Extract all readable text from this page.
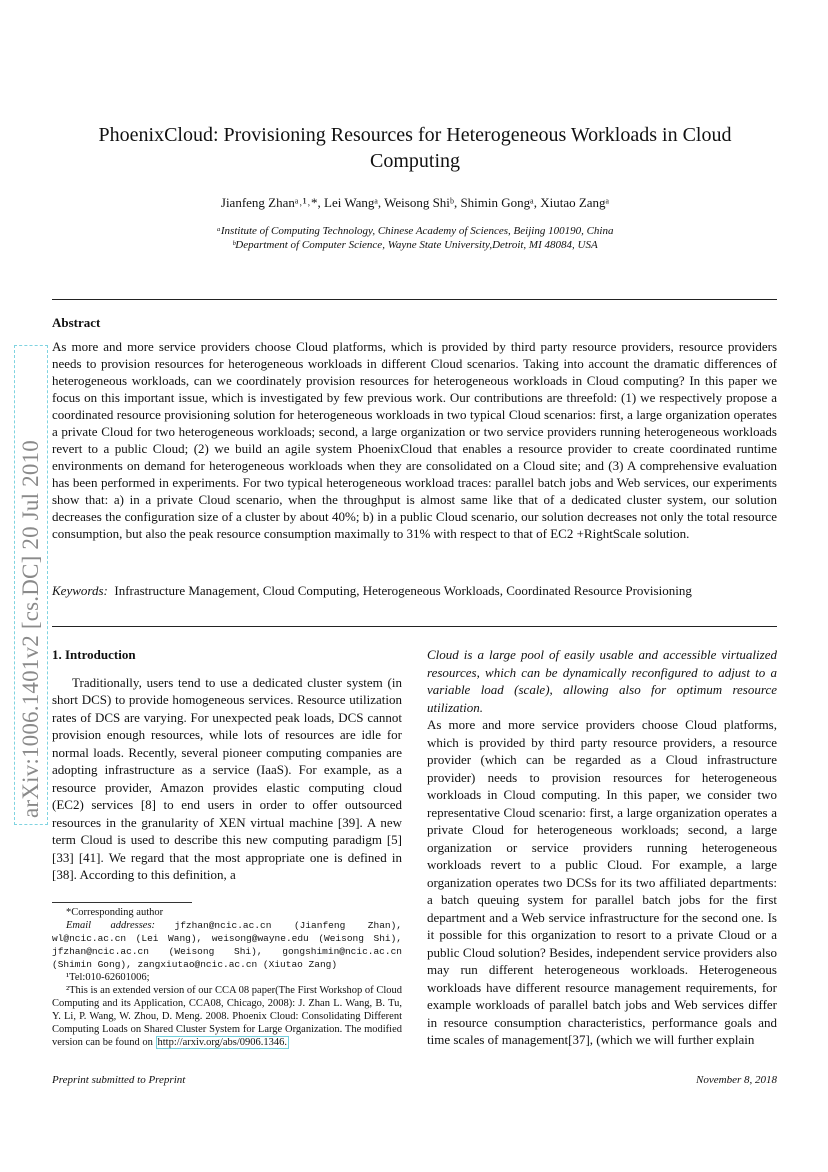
arXiv:1006.1401v2 [cs.DC] 20 Jul 2010
PhoenixCloud: Provisioning Resources for Heterogeneous Workloads in Cloud Computing
Jianfeng Zhanᵃ˒¹˒*, Lei Wangᵃ, Weisong Shiᵇ, Shimin Gongᵃ, Xiutao Zangᵃ
ᵃInstitute of Computing Technology, Chinese Academy of Sciences, Beijing 100190, China
ᵇDepartment of Computer Science, Wayne State University,Detroit, MI 48084, USA
Abstract
As more and more service providers choose Cloud platforms, which is provided by third party resource providers, resource providers needs to provision resources for heterogeneous workloads in different Cloud scenarios. Taking into account the dramatic differences of heterogeneous workloads, can we coordinately provision resources for heterogeneous workloads in Cloud computing? In this paper we focus on this important issue, which is investigated by few previous work. Our contributions are threefold: (1) we respectively propose a coordinated resource provisioning solution for heterogeneous workloads in two typical Cloud scenarios: first, a large organization operates a private Cloud for two heterogeneous workloads; second, a large organization or two service providers running heterogeneous workloads revert to a public Cloud; (2) we build an agile system PhoenixCloud that enables a resource provider to create coordinated runtime environments on demand for heterogeneous workloads when they are consolidated on a Cloud site; and (3) A comprehensive evaluation has been performed in experiments. For two typical heterogeneous workload traces: parallel batch jobs and Web services, our experiments show that: a) in a private Cloud scenario, when the throughput is almost same like that of a dedicated cluster system, our solution decreases the configuration size of a cluster by about 40%; b) in a public Cloud scenario, our solution decreases not only the total resource consumption, but also the peak resource consumption maximally to 31% with respect to that of EC2 +RightScale solution.
Keywords: Infrastructure Management, Cloud Computing, Heterogeneous Workloads, Coordinated Resource Provisioning
1. Introduction

Traditionally, users tend to use a dedicated cluster system (in short DCS) to provide homogeneous services. Resource utilization rates of DCS are varying. For unexpected peak loads, DCS cannot provision enough resources, while lots of resources are idle for normal loads. Recently, several pioneer computing companies are adopting infrastructure as a service (IaaS). For example, as a resource provider, Amazon provides elastic computing cloud (EC2) services [8] to end users in order to offer outsourced resources in the granularity of XEN virtual machine [39]. A new term Cloud is used to describe this new computing paradigm [5] [33] [41]. We regard that the most appropriate one is defined in [38]. According to this definition, a

Cloud is a large pool of easily usable and accessible virtualized resources, which can be dynamically reconfigured to adjust to a variable load (scale), allowing also for optimum resource utilization.

As more and more service providers choose Cloud platforms, which is provided by third party resource providers, a resource provider (which can be regarded as a Cloud infrastructure provider) needs to provision resources for heterogeneous workloads in Cloud computing. In this paper, we consider two representative Cloud scenario: first, a large organization operates a private Cloud for heterogeneous workloads; second, a large organization or service providers running heterogeneous workloads revert to a public Cloud. For example, a large organization operates two DCSs for its two affiliated departments: a batch queuing system for parallel batch jobs for the first department and a Web service infrastructure for the second one. Is it possible for this organization to resort to a private Cloud or a public Cloud solution? Besides, independent service providers also may run different heterogeneous workloads. Heterogeneous workloads have different resource management requirements, for example workloads of parallel batch jobs and Web services differ in resource consumption characteristics, performance goals and time scales of management[37], (which we will further explain

*Corresponding author
Email addresses: jfzhan@ncic.ac.cn (Jianfeng Zhan), wl@ncic.ac.cn (Lei Wang), weisong@wayne.edu (Weisong Shi), jfzhan@ncic.ac.cn (Weisong Shi), gongshimin@ncic.ac.cn (Shimin Gong), zangxiutao@ncic.ac.cn (Xiutao Zang)
¹Tel:010-62601006;
²This is an extended version of our CCA 08 paper(The First Workshop of Cloud Computing and its Application, CCA08, Chicago, 2008): J. Zhan L. Wang, B. Tu, Y. Li, P. Wang, W. Zhou, D. Meng. 2008. Phoenix Cloud: Consolidating Different Computing Loads on Shared Cluster System for Large Organization. The modified version can be found on http://arxiv.org/abs/0906.1346.
Preprint submitted to Preprint	November 8, 2018
